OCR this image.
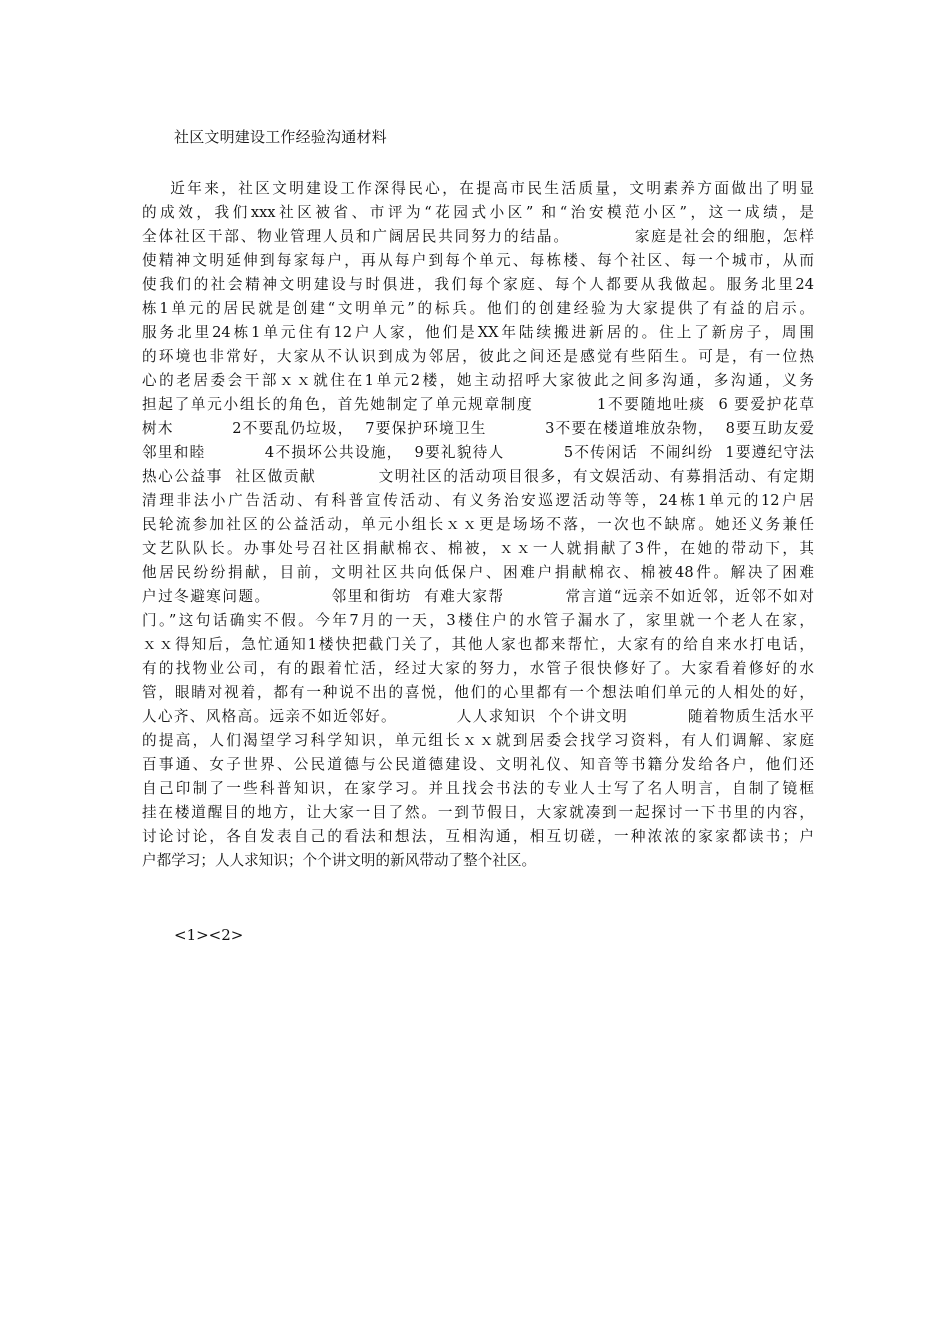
社区文明建设工作经验沟通材料
近年来，社区文明建设工作深得民心，在提高市民生活质量，文明素养方面做出了明显
的成效，我们xxx社区被省、市评为“花园式小区” 和“治安模范小区”，这一成绩，是
全体社区干部、物业管理人员和广阔居民共同努力的结晶。          家庭是社会的细胞，怎样
使精神文明延伸到每家每户，再从每户到每个单元、每栋楼、每个社区、每一个城市，从而
使我们的社会精神文明建设与时俱进，我们每个家庭、每个人都要从我做起。服务北里24
栋1单元的居民就是创建“文明单元”的标兵。他们的创建经验为大家提供了有益的启示。
服务北里24栋1单元住有12户人家，他们是XX年陆续搬进新居的。住上了新房子，周围
的环境也非常好，大家从不认识到成为邻居，彼此之间还是感觉有些陌生。可是，有一位热
心的老居委会干部ｘｘ就住在1单元2楼，她主动招呼大家彼此之间多沟通，多沟通，义务
担起了单元小组长的角色，首先她制定了单元规章制度          1不要随地吐痰  6 要爱护花草
树木          2不要乱仍垃圾，  7要保护环境卫生          3不要在楼道堆放杂物，  8要互助友爱
邻里和睦          4不损坏公共设施，  9要礼貌待人          5不传闲话  不闹纠纷  1要遵纪守法
热心公益事  社区做贡献          文明社区的活动项目很多，有文娱活动、有募捐活动、有定期
清理非法小广告活动、有科普宣传活动、有义务治安巡逻活动等等，24栋1单元的12户居
民轮流参加社区的公益活动，单元小组长ｘｘ更是场场不落，一次也不缺席。她还义务兼任
文艺队队长。办事处号召社区捐献棉衣、棉被，ｘｘ一人就捐献了3件，在她的带动下，其
他居民纷纷捐献，目前，文明社区共向低保户、困难户捐献棉衣、棉被48件。解决了困难
户过冬避寒问题。          邻里和街坊  有难大家帮          常言道“远亲不如近邻，近邻不如对
门。”这句话确实不假。今年7月的一天，3楼住户的水管子漏水了，家里就一个老人在家，
ｘｘ得知后，急忙通知1楼快把截门关了，其他人家也都来帮忙，大家有的给自来水打电话，
有的找物业公司，有的跟着忙活，经过大家的努力，水管子很快修好了。大家看着修好的水
管，眼睛对视着，都有一种说不出的喜悦，他们的心里都有一个想法咱们单元的人相处的好，
人心齐、风格高。远亲不如近邻好。          人人求知识  个个讲文明          随着物质生活水平
的提高，人们渴望学习科学知识，单元组长ｘｘ就到居委会找学习资料，有人们调解、家庭
百事通、女子世界、公民道德与公民道德建设、文明礼仪、知音等书籍分发给各户，他们还
自己印制了一些科普知识，在家学习。并且找会书法的专业人士写了名人明言，自制了镜框
挂在楼道醒目的地方，让大家一目了然。一到节假日，大家就凑到一起探讨一下书里的内容，
讨论讨论，各自发表自己的看法和想法，互相沟通，相互切磋，一种浓浓的家家都读书；户
户都学习；人人求知识；个个讲文明的新风带动了整个社区。
<1><2>
